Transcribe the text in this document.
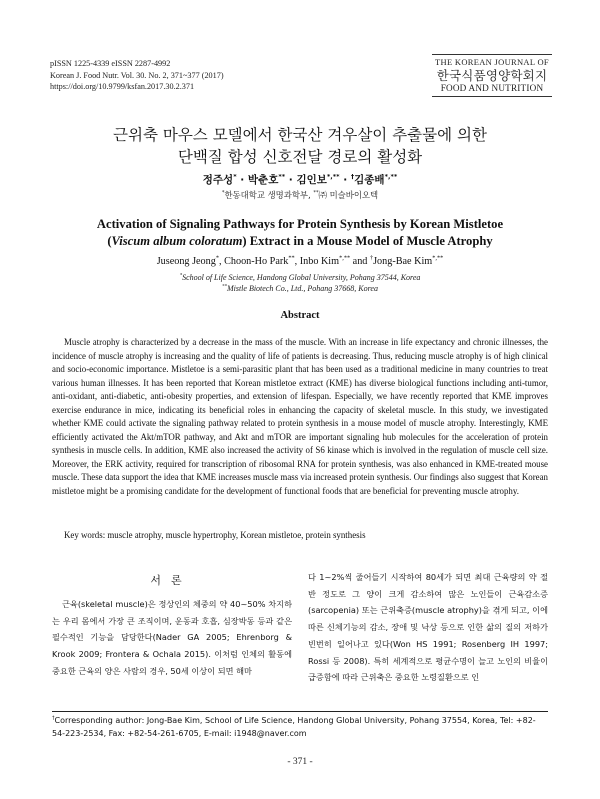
pISSN 1225-4339 eISSN 2287-4992
Korean J. Food Nutr. Vol. 30. No. 2, 371~377 (2017)
https://doi.org/10.9799/ksfan.2017.30.2.371
THE KOREAN JOURNAL OF
한국식품영양학회지
FOOD AND NUTRITION
근위축 마우스 모델에서 한국산 겨우살이 추출물에 의한
단백질 합성 신호전달 경로의 활성화
정주성* · 박춘호** · 김인보*,** · †김종배*,**
*한동대학교 생명과학부, **㈜ 미슬바이오텍
Activation of Signaling Pathways for Protein Synthesis by Korean Mistletoe
(Viscum album coloratum) Extract in a Mouse Model of Muscle Atrophy
Juseong Jeong*, Choon-Ho Park**, Inbo Kim*,** and †Jong-Bae Kim*,**
*School of Life Science, Handong Global University, Pohang 37544, Korea
**Mistle Biotech Co., Ltd., Pohang 37668, Korea
Abstract
Muscle atrophy is characterized by a decrease in the mass of the muscle. With an increase in life expectancy and chronic illnesses, the incidence of muscle atrophy is increasing and the quality of life of patients is decreasing. Thus, reducing muscle atrophy is of high clinical and socio-economic importance. Mistletoe is a semi-parasitic plant that has been used as a traditional medicine in many countries to treat various human illnesses. It has been reported that Korean mistletoe extract (KME) has diverse biological functions including anti-tumor, anti-oxidant, anti-diabetic, anti-obesity properties, and extension of lifespan. Especially, we have recently reported that KME improves exercise endurance in mice, indicating its beneficial roles in enhancing the capacity of skeletal muscle. In this study, we investigated whether KME could activate the signaling pathway related to protein synthesis in a mouse model of muscle atrophy. Interestingly, KME efficiently activated the Akt/mTOR pathway, and Akt and mTOR are important signaling hub molecules for the acceleration of protein synthesis in muscle cells. In addition, KME also increased the activity of S6 kinase which is involved in the regulation of muscle cell size. Moreover, the ERK activity, required for transcription of ribosomal RNA for protein synthesis, was also enhanced in KME-treated mouse muscle. These data support the idea that KME increases muscle mass via increased protein synthesis. Our findings also suggest that Korean mistletoe might be a promising candidate for the development of functional foods that are beneficial for preventing muscle atrophy.
Key words: muscle atrophy, muscle hypertrophy, Korean mistletoe, protein synthesis
서론
근육(skeletal muscle)은 정상인의 체중의 약 40~50% 차지하는 우리 몸에서 가장 큰 조직이며, 운동과 호흡, 심장박동 등과 같은 필수적인 기능을 담당한다(Nader GA 2005; Ehrenborg & Krook 2009; Frontera & Ochala 2015). 이처럼 인체의 활동에 중요한 근육의 양은 사람의 경우, 50세 이상이 되면 해마
다 1~2%씩 줄어들기 시작하여 80세가 되면 최대 근육량의 약 절반 정도로 그 양이 크게 감소하여 많은 노인들이 근육감소증(sarcopenia) 또는 근위축증(muscle atrophy)을 겪게 되고, 이에 따른 신체기능의 감소, 장애 및 낙상 등으로 인한 삶의 질의 저하가 빈번히 일어나고 있다(Won HS 1991; Rosenberg IH 1997; Rossi 등 2008). 특히 세계적으로 평균수명이 늘고 노인의 비율이 급증함에 따라 근위축은 중요한 노령질환으로 인
†Corresponding author: Jong-Bae Kim, School of Life Science, Handong Global University, Pohang 37554, Korea, Tel: +82-54-223-2534, Fax: +82-54-261-6705, E-mail: i1948@naver.com
- 371 -
